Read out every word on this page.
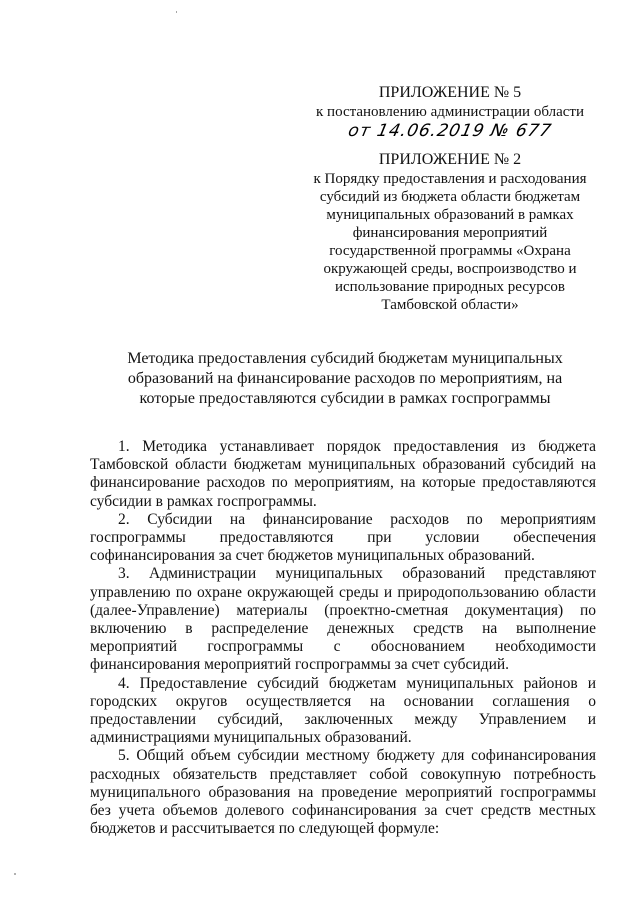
ПРИЛОЖЕНИЕ № 5
к постановлению администрации области
от 14.06.2019 № 677
ПРИЛОЖЕНИЕ № 2
к Порядку предоставления и расходования субсидий из бюджета области бюджетам муниципальных образований в рамках финансирования мероприятий государственной программы «Охрана окружающей среды, воспроизводство и использование природных ресурсов Тамбовской области»
Методика предоставления субсидий бюджетам муниципальных образований на финансирование расходов по мероприятиям, на которые предоставляются субсидии в рамках госпрограммы

1. Методика устанавливает порядок предоставления из бюджета Тамбовской области бюджетам муниципальных образований субсидий на финансирование расходов по мероприятиям, на которые предоставляются субсидии в рамках госпрограммы.

2. Субсидии на финансирование расходов по мероприятиям госпрограммы предоставляются при условии обеспечения софинансирования за счет бюджетов муниципальных образований.

3. Администрации муниципальных образований представляют управлению по охране окружающей среды и природопользованию области (далее-Управление) материалы (проектно-сметная документация) по включению в распределение денежных средств на выполнение мероприятий госпрограммы с обоснованием необходимости финансирования мероприятий госпрограммы за счет субсидий.

4. Предоставление субсидий бюджетам муниципальных районов и городских округов осуществляется на основании соглашения о предоставлении субсидий, заключенных между Управлением и администрациями муниципальных образований.

5. Общий объем субсидии местному бюджету для софинансирования расходных обязательств представляет собой совокупную потребность муниципального образования на проведение мероприятий госпрограммы без учета объемов долевого софинансирования за счет средств местных бюджетов и рассчитывается по следующей формуле:
